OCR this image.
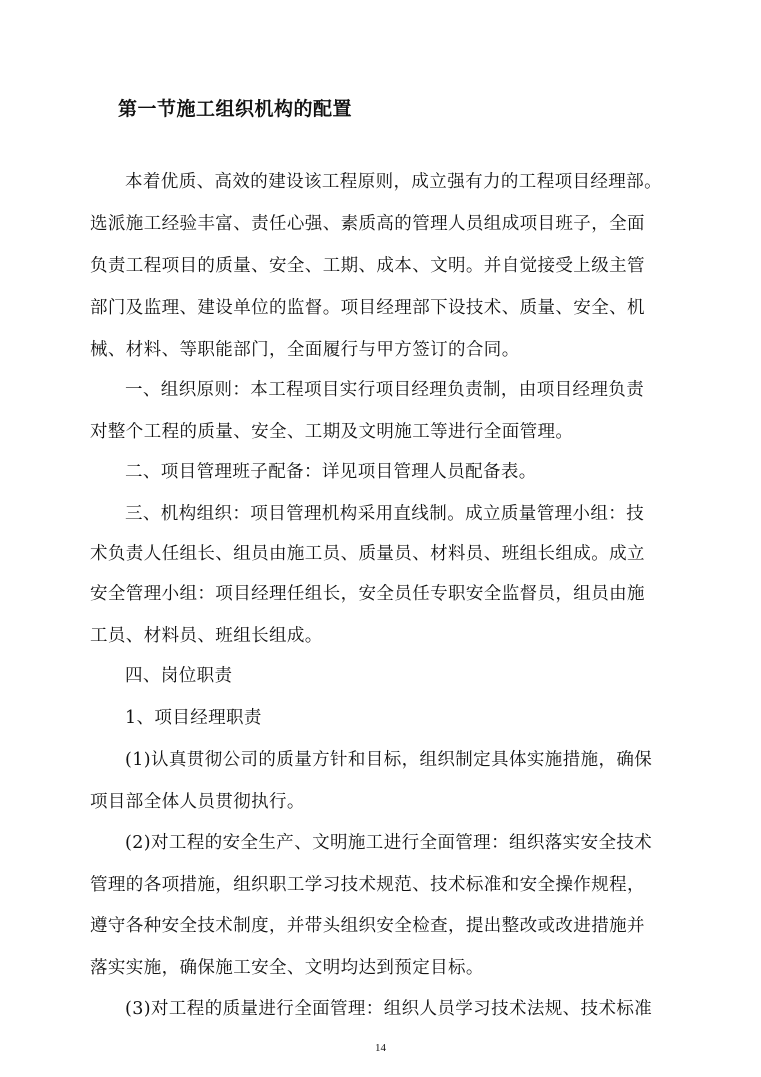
第一节施工组织机构的配置
本着优质、高效的建设该工程原则，成立强有力的工程项目经理部。
选派施工经验丰富、责任心强、素质高的管理人员组成项目班子，全面
负责工程项目的质量、安全、工期、成本、文明。并自觉接受上级主管
部门及监理、建设单位的监督。项目经理部下设技术、质量、安全、机
械、材料、等职能部门，全面履行与甲方签订的合同。
一、组织原则：本工程项目实行项目经理负责制，由项目经理负责
对整个工程的质量、安全、工期及文明施工等进行全面管理。
二、项目管理班子配备：详见项目管理人员配备表。
三、机构组织：项目管理机构采用直线制。成立质量管理小组：技
术负责人任组长、组员由施工员、质量员、材料员、班组长组成。成立
安全管理小组：项目经理任组长，安全员任专职安全监督员，组员由施
工员、材料员、班组长组成。
四、岗位职责
1、项目经理职责
(1)认真贯彻公司的质量方针和目标，组织制定具体实施措施，确保
项目部全体人员贯彻执行。
(2)对工程的安全生产、文明施工进行全面管理：组织落实安全技术
管理的各项措施，组织职工学习技术规范、技术标准和安全操作规程，
遵守各种安全技术制度，并带头组织安全检查，提出整改或改进措施并
落实实施，确保施工安全、文明均达到预定目标。
(3)对工程的质量进行全面管理：组织人员学习技术法规、技术标准
14
